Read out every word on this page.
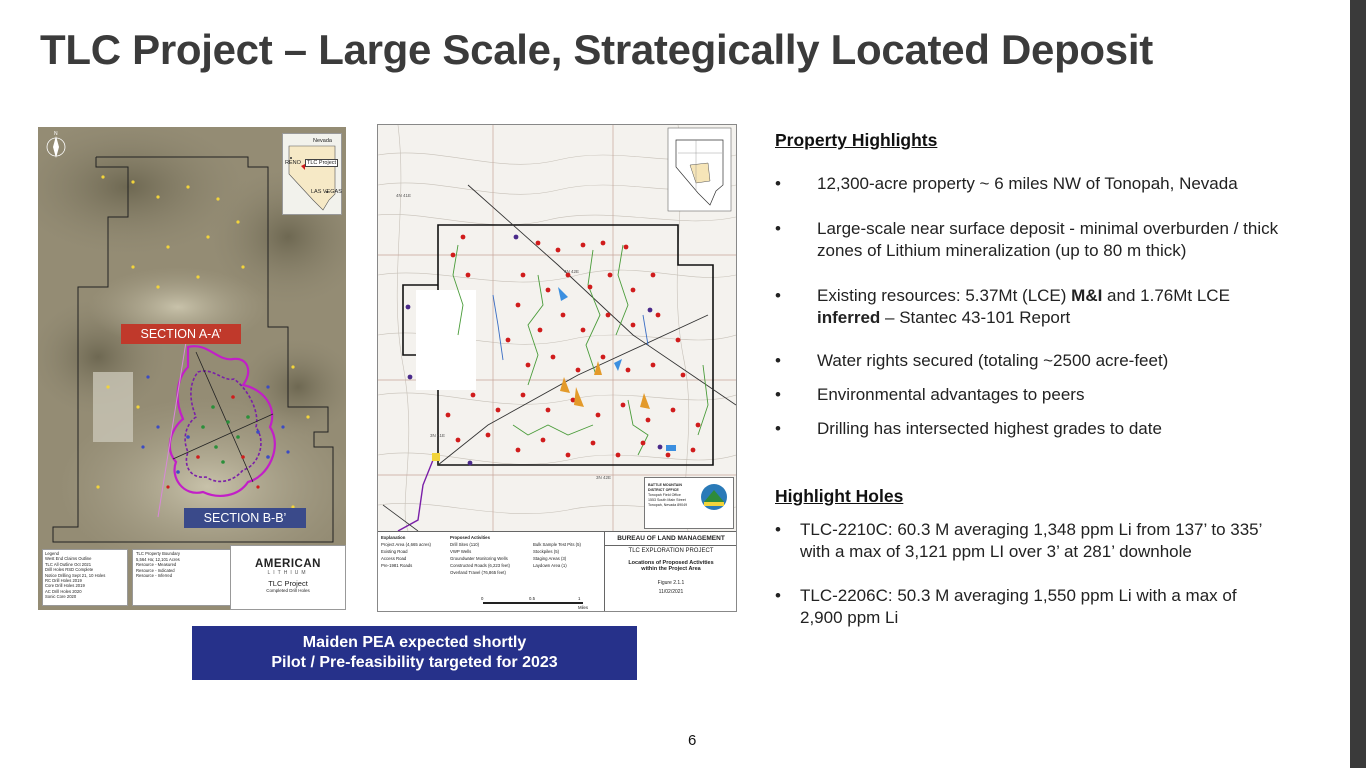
TLC Project – Large Scale, Strategically Located Deposit
N
Nevada
RENO	TLC Project
LAS VEGAS
SECTION A-A’
SECTION B-B’
Legend
West End Claims Outline
TLC All Outline Oct 2021
Drill Holes RSD Complete
Notice Drilling Sept 21, 10 Holes
RC Drill Holes 2019
Core Drill Holes 2019
AC Drill Holes 2020
Sonic Core 2020
TLC Property Boundary
5,564 Ha; 12,101 Acres
Resource - Measured
Resource - Indicated
Resource - Inferred
AMERICAN
LITHIUM
TLC Project
Completed Drill Holes
4N 41E
4N 42E
3N 41E
3N 42E
BATTLE MOUNTAIN
DISTRICT OFFICE
Tonopah Field Office
1553 South Main Street
Tonopah, Nevada 89049
Explanation
Project Area (4,665 acres)
Existing Road
Access Road
Pre-1981 Roads
Proposed Activities
Drill Sites (110)
VWP Wells
Groundwater Monitoring Wells
Constructed Roads (6,223 feet)
Overland Travel (76,865 feet)
Bulk Sample Test Pits (5)
Stockpiles (5)
Staging Areas (3)
Laydown Area (1)
0	0.5	1
Miles
BUREAU OF LAND MANAGEMENT
TLC EXPLORATION PROJECT
Locations of Proposed Activities
within the Project Area
Figure 2.1.1
11/02/2021
Property Highlights
• 12,300-acre property ~ 6 miles NW of Tonopah, Nevada
• Large-scale near surface deposit - minimal overburden / thick
zones of Lithium mineralization (up to 80 m thick)
• Existing resources: 5.37Mt (LCE) M&I and 1.76Mt LCE
inferred – Stantec 43-101 Report
• Water rights secured (totaling ~2500 acre-feet)
• Environmental advantages to peers
• Drilling has intersected highest grades to date
Highlight Holes
• TLC-2210C: 60.3 M averaging 1,348 ppm Li from 137’ to 335’
with a max of 3,121 ppm LI over 3’ at 281’ downhole
• TLC-2206C: 50.3 M averaging 1,550 ppm Li with a max of
2,900 ppm Li
Maiden PEA expected shortly
Pilot / Pre-feasibility targeted for 2023
6
